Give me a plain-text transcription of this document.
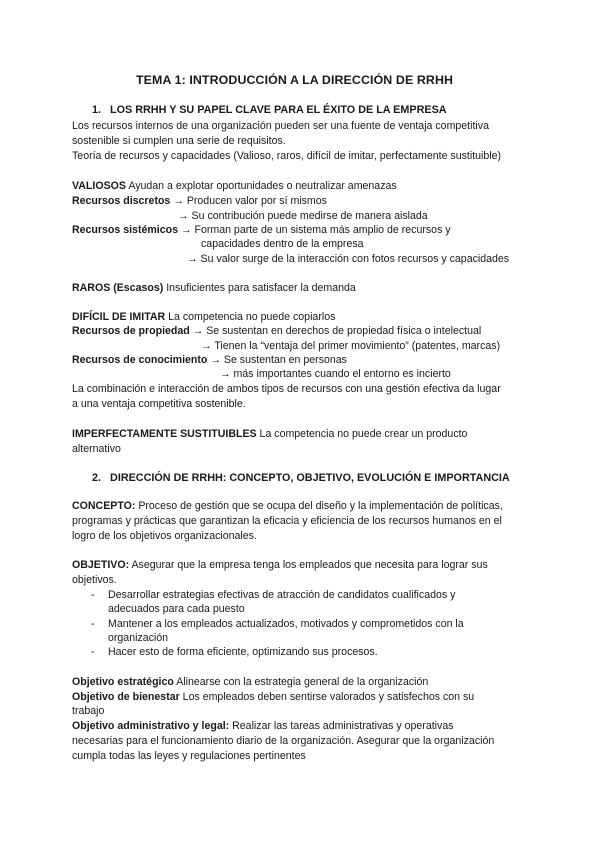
TEMA 1: INTRODUCCIÓN A LA DIRECCIÓN DE RRHH
1. LOS RRHH Y SU PAPEL CLAVE PARA EL ÉXITO DE LA EMPRESA
Los recursos internos de una organización pueden ser una fuente de ventaja competitiva
sostenible si cumplen una serie de requisitos.
Teoría de recursos y capacidades (Valioso, raros, difícil de imitar, perfectamente sustituible)
VALIOSOS Ayudan a explotar oportunidades o neutralizar amenazas
Recursos discretos → Producen valor por sí mismos
→ Su contribución puede medirse de manera aislada
Recursos sistémicos → Forman parte de un sistema más amplio de recursos y
capacidades dentro de la empresa
→ Su valor surge de la interacción con fotos recursos y capacidades
RAROS (Escasos) Insuficientes para satisfacer la demanda
DIFÍCIL DE IMITAR La competencia no puede copiarlos
Recursos de propiedad → Se sustentan en derechos de propiedad física o intelectual
→ Tienen la “ventaja del primer movimiento” (patentes, marcas)
Recursos de conocimiento → Se sustentan en personas
→ más importantes cuando el entorno es incierto
La combinación e interacción de ambos tipos de recursos con una gestión efectiva da lugar
a una ventaja competitiva sostenible.
IMPERFECTAMENTE SUSTITUIBLES La competencia no puede crear un producto
alternativo
2. DIRECCIÓN DE RRHH: CONCEPTO, OBJETIVO, EVOLUCIÓN E IMPORTANCIA
CONCEPTO: Proceso de gestión que se ocupa del diseño y la implementación de políticas,
programas y prácticas que garantizan la eficacia y eficiencia de los recursos humanos en el
logro de los objetivos organizacionales.
OBJETIVO: Asegurar que la empresa tenga los empleados que necesita para lograr sus
objetivos.
- Desarrollar estrategias efectivas de atracción de candidatos cualificados y
adecuados para cada puesto
- Mantener a los empleados actualizados, motivados y comprometidos con la
organización
- Hacer esto de forma eficiente, optimizando sus procesos.
Objetivo estratégico Alinearse con la estrategia general de la organización
Objetivo de bienestar Los empleados deben sentirse valorados y satisfechos con su
trabajo
Objetivo administrativo y legal: Realizar las tareas administrativas y operativas
necesarias para el funcionamiento diario de la organización. Asegurar que la organización
cumpla todas las leyes y regulaciones pertinentes
